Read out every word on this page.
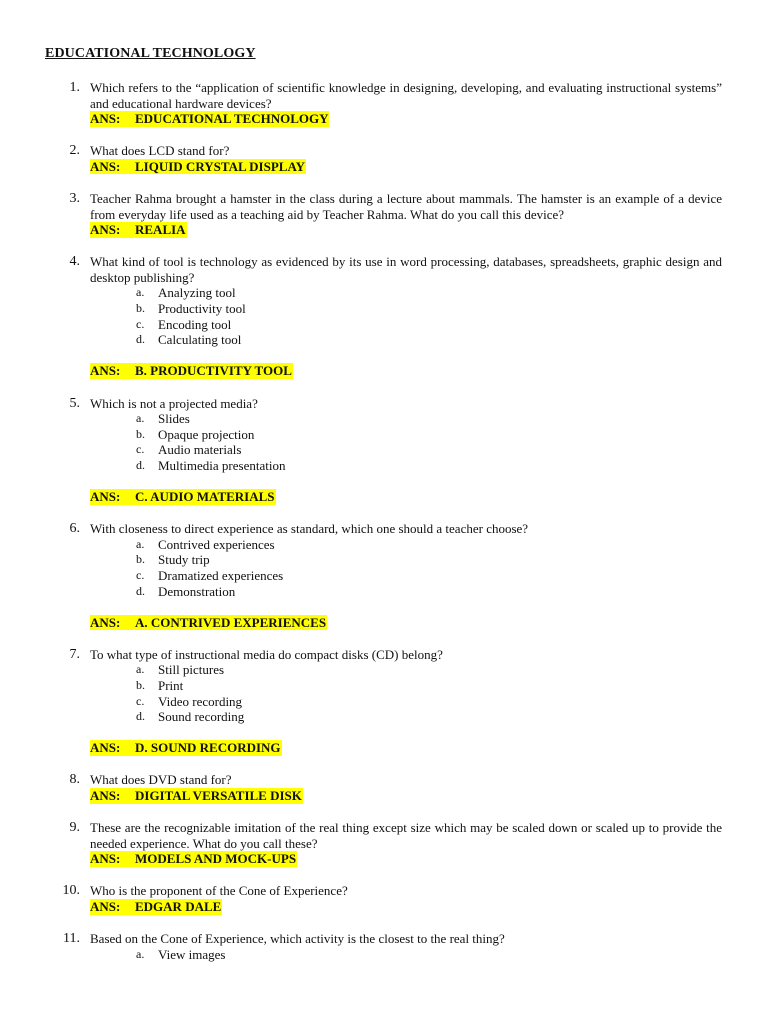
EDUCATIONAL TECHNOLOGY
1. Which refers to the “application of scientific knowledge in designing, developing, and evaluating instructional systems” and educational hardware devices?
ANS: EDUCATIONAL TECHNOLOGY
2. What does LCD stand for?
ANS: LIQUID CRYSTAL DISPLAY
3. Teacher Rahma brought a hamster in the class during a lecture about mammals. The hamster is an example of a device from everyday life used as a teaching aid by Teacher Rahma. What do you call this device?
ANS: REALIA
4. What kind of tool is technology as evidenced by its use in word processing, databases, spreadsheets, graphic design and desktop publishing?
a. Analyzing tool
b. Productivity tool
c. Encoding tool
d. Calculating tool
ANS: B. PRODUCTIVITY TOOL
5. Which is not a projected media?
a. Slides
b. Opaque projection
c. Audio materials
d. Multimedia presentation
ANS: C. AUDIO MATERIALS
6. With closeness to direct experience as standard, which one should a teacher choose?
a. Contrived experiences
b. Study trip
c. Dramatized experiences
d. Demonstration
ANS: A. CONTRIVED EXPERIENCES
7. To what type of instructional media do compact disks (CD) belong?
a. Still pictures
b. Print
c. Video recording
d. Sound recording
ANS: D. SOUND RECORDING
8. What does DVD stand for?
ANS: DIGITAL VERSATILE DISK
9. These are the recognizable imitation of the real thing except size which may be scaled down or scaled up to provide the needed experience. What do you call these?
ANS: MODELS AND MOCK-UPS
10. Who is the proponent of the Cone of Experience?
ANS: EDGAR DALE
11. Based on the Cone of Experience, which activity is the closest to the real thing?
a. View images
